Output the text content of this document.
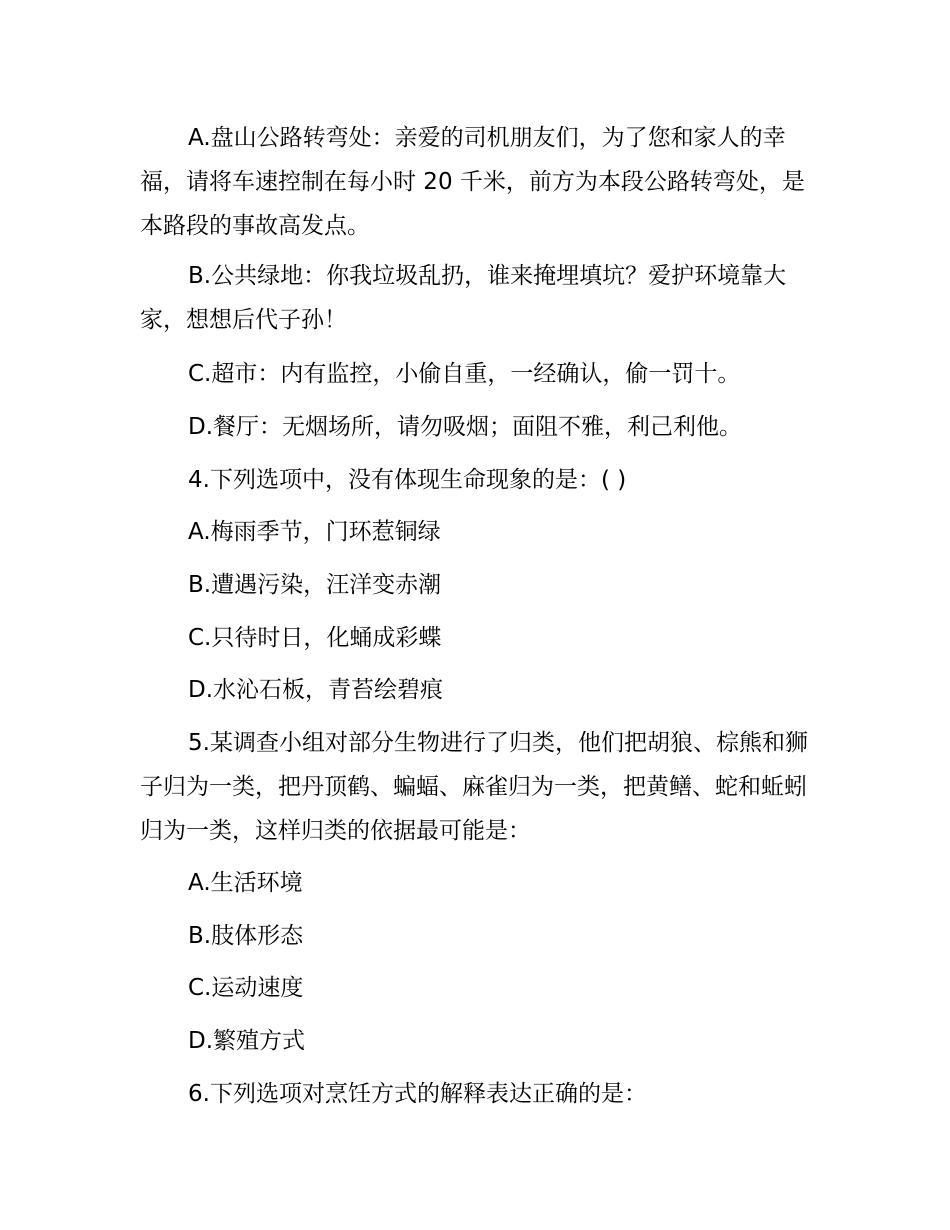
A.盘山公路转弯处：亲爱的司机朋友们，为了您和家人的幸福，请将车速控制在每小时 20 千米，前方为本段公路转弯处，是本路段的事故高发点。

B.公共绿地：你我垃圾乱扔，谁来掩埋填坑？爱护环境靠大家，想想后代子孙！

C.超市：内有监控，小偷自重，一经确认，偷一罚十。

D.餐厅：无烟场所，请勿吸烟；面阻不雅，利己利他。

4.下列选项中，没有体现生命现象的是：( )

A.梅雨季节，门环惹铜绿

B.遭遇污染，汪洋变赤潮

C.只待时日，化蛹成彩蝶

D.水沁石板，青苔绘碧痕

5.某调查小组对部分生物进行了归类，他们把胡狼、棕熊和狮子归为一类，把丹顶鹤、蝙蝠、麻雀归为一类，把黄鳝、蛇和蚯蚓归为一类，这样归类的依据最可能是：

A.生活环境

B.肢体形态

C.运动速度

D.繁殖方式

6.下列选项对烹饪方式的解释表达正确的是：
